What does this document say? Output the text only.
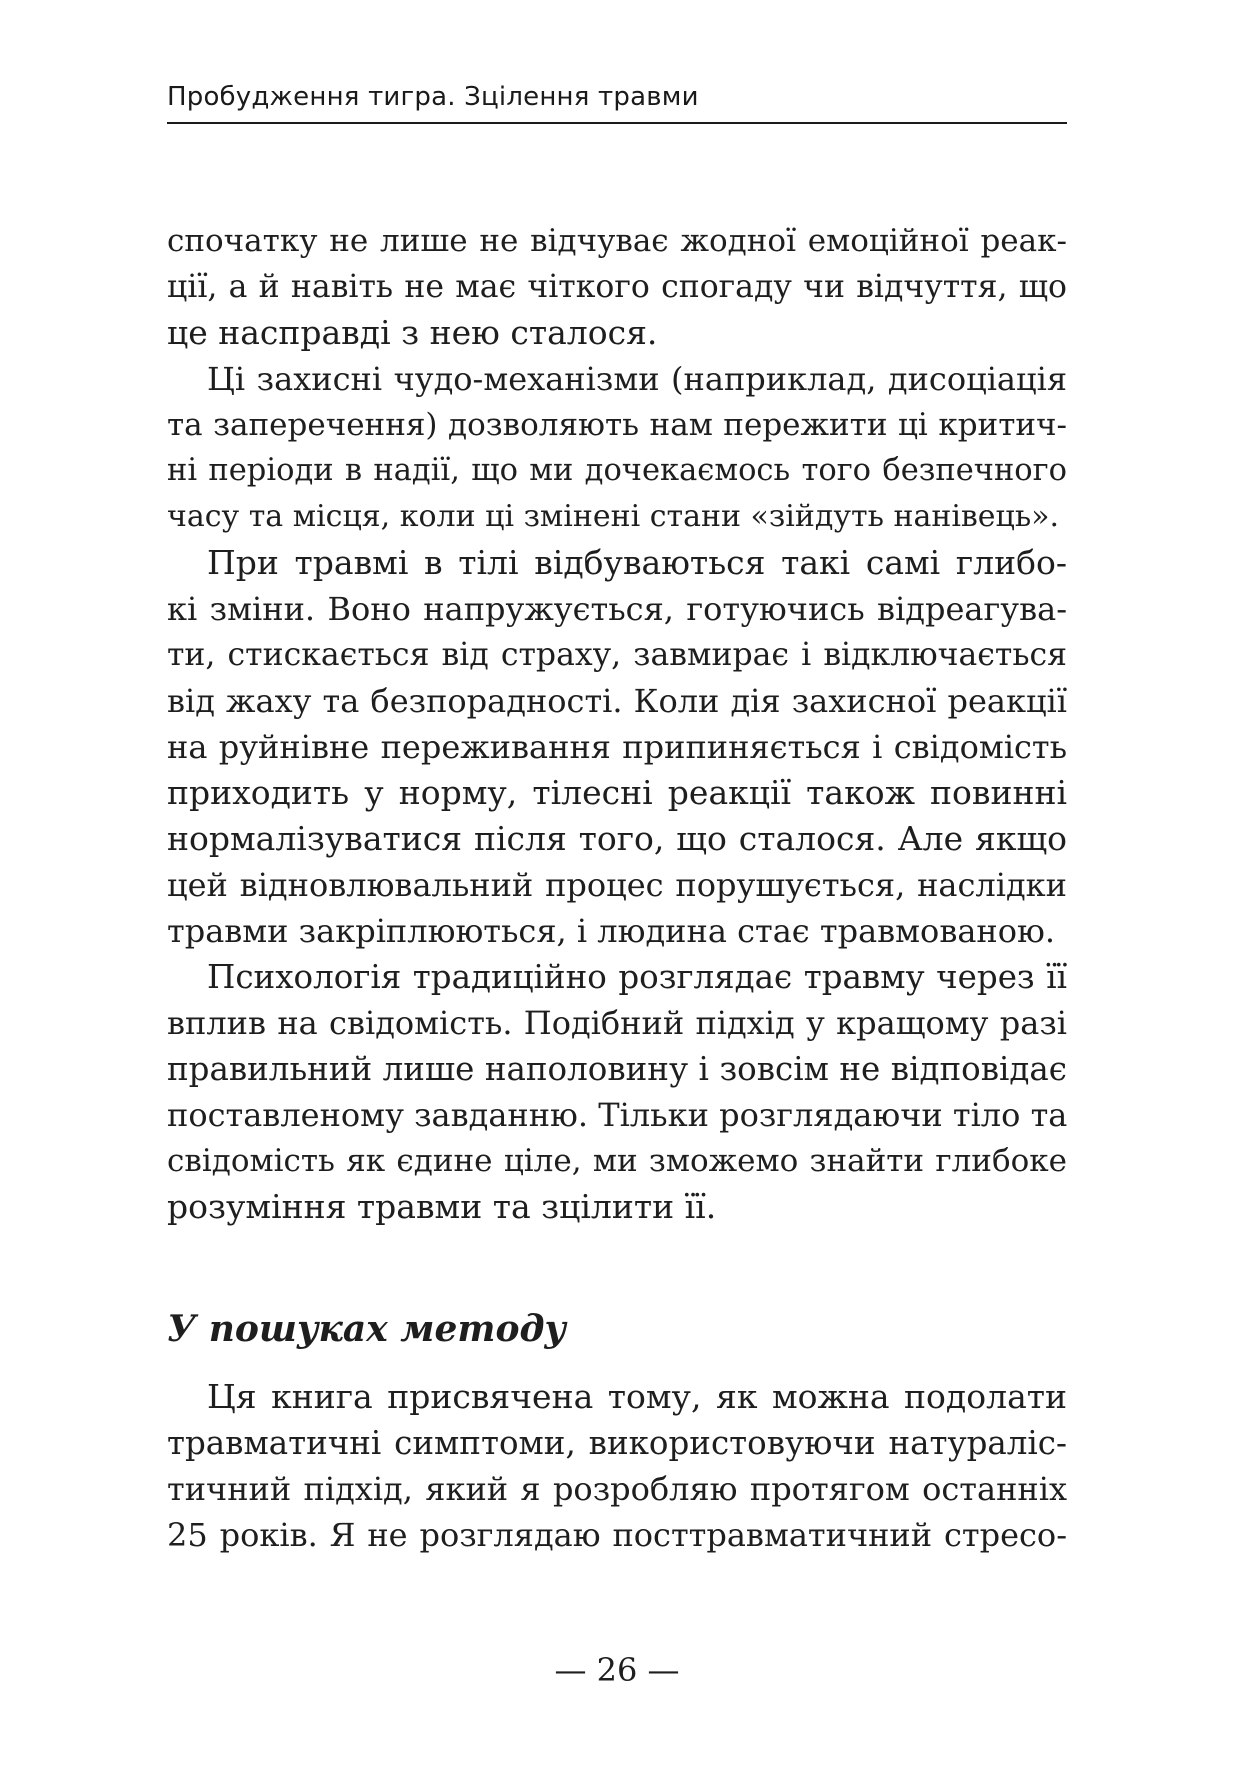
Пробудження тигра. Зцілення травми
спочатку не лише не відчуває жодної емоційної реак-
ції, а й навіть не має чіткого спогаду чи відчуття, що
це насправді з нею сталося.
Ці захисні чудо-механізми (наприклад, дисоціація
та заперечення) дозволяють нам пережити ці критич-
ні періоди в надії, що ми дочекаємось того безпечного
часу та місця, коли ці змінені стани «зійдуть нанівець».
При травмі в тілі відбуваються такі самі глибо-
кі зміни. Воно напружується, готуючись відреагува-
ти, стискається від страху, завмирає і відключається
від жаху та безпорадності. Коли дія захисної реакції
на руйнівне переживання припиняється і свідомість
приходить у норму, тілесні реакції також повинні
нормалізуватися після того, що сталося. Але якщо
цей відновлювальний процес порушується, наслідки
травми закріплюються, і людина стає травмованою.
Психологія традиційно розглядає травму через її
вплив на свідомість. Подібний підхід у кращому разі
правильний лише наполовину і зовсім не відповідає
поставленому завданню. Тільки розглядаючи тіло та
свідомість як єдине ціле, ми зможемо знайти глибоке
розуміння травми та зцілити її.
У пошуках методу
Ця книга присвячена тому, як можна подолати
травматичні симптоми, використовуючи натураліс-
тичний підхід, який я розробляю протягом останніх
25 років. Я не розглядаю посттравматичний стресо-
— 26 —
